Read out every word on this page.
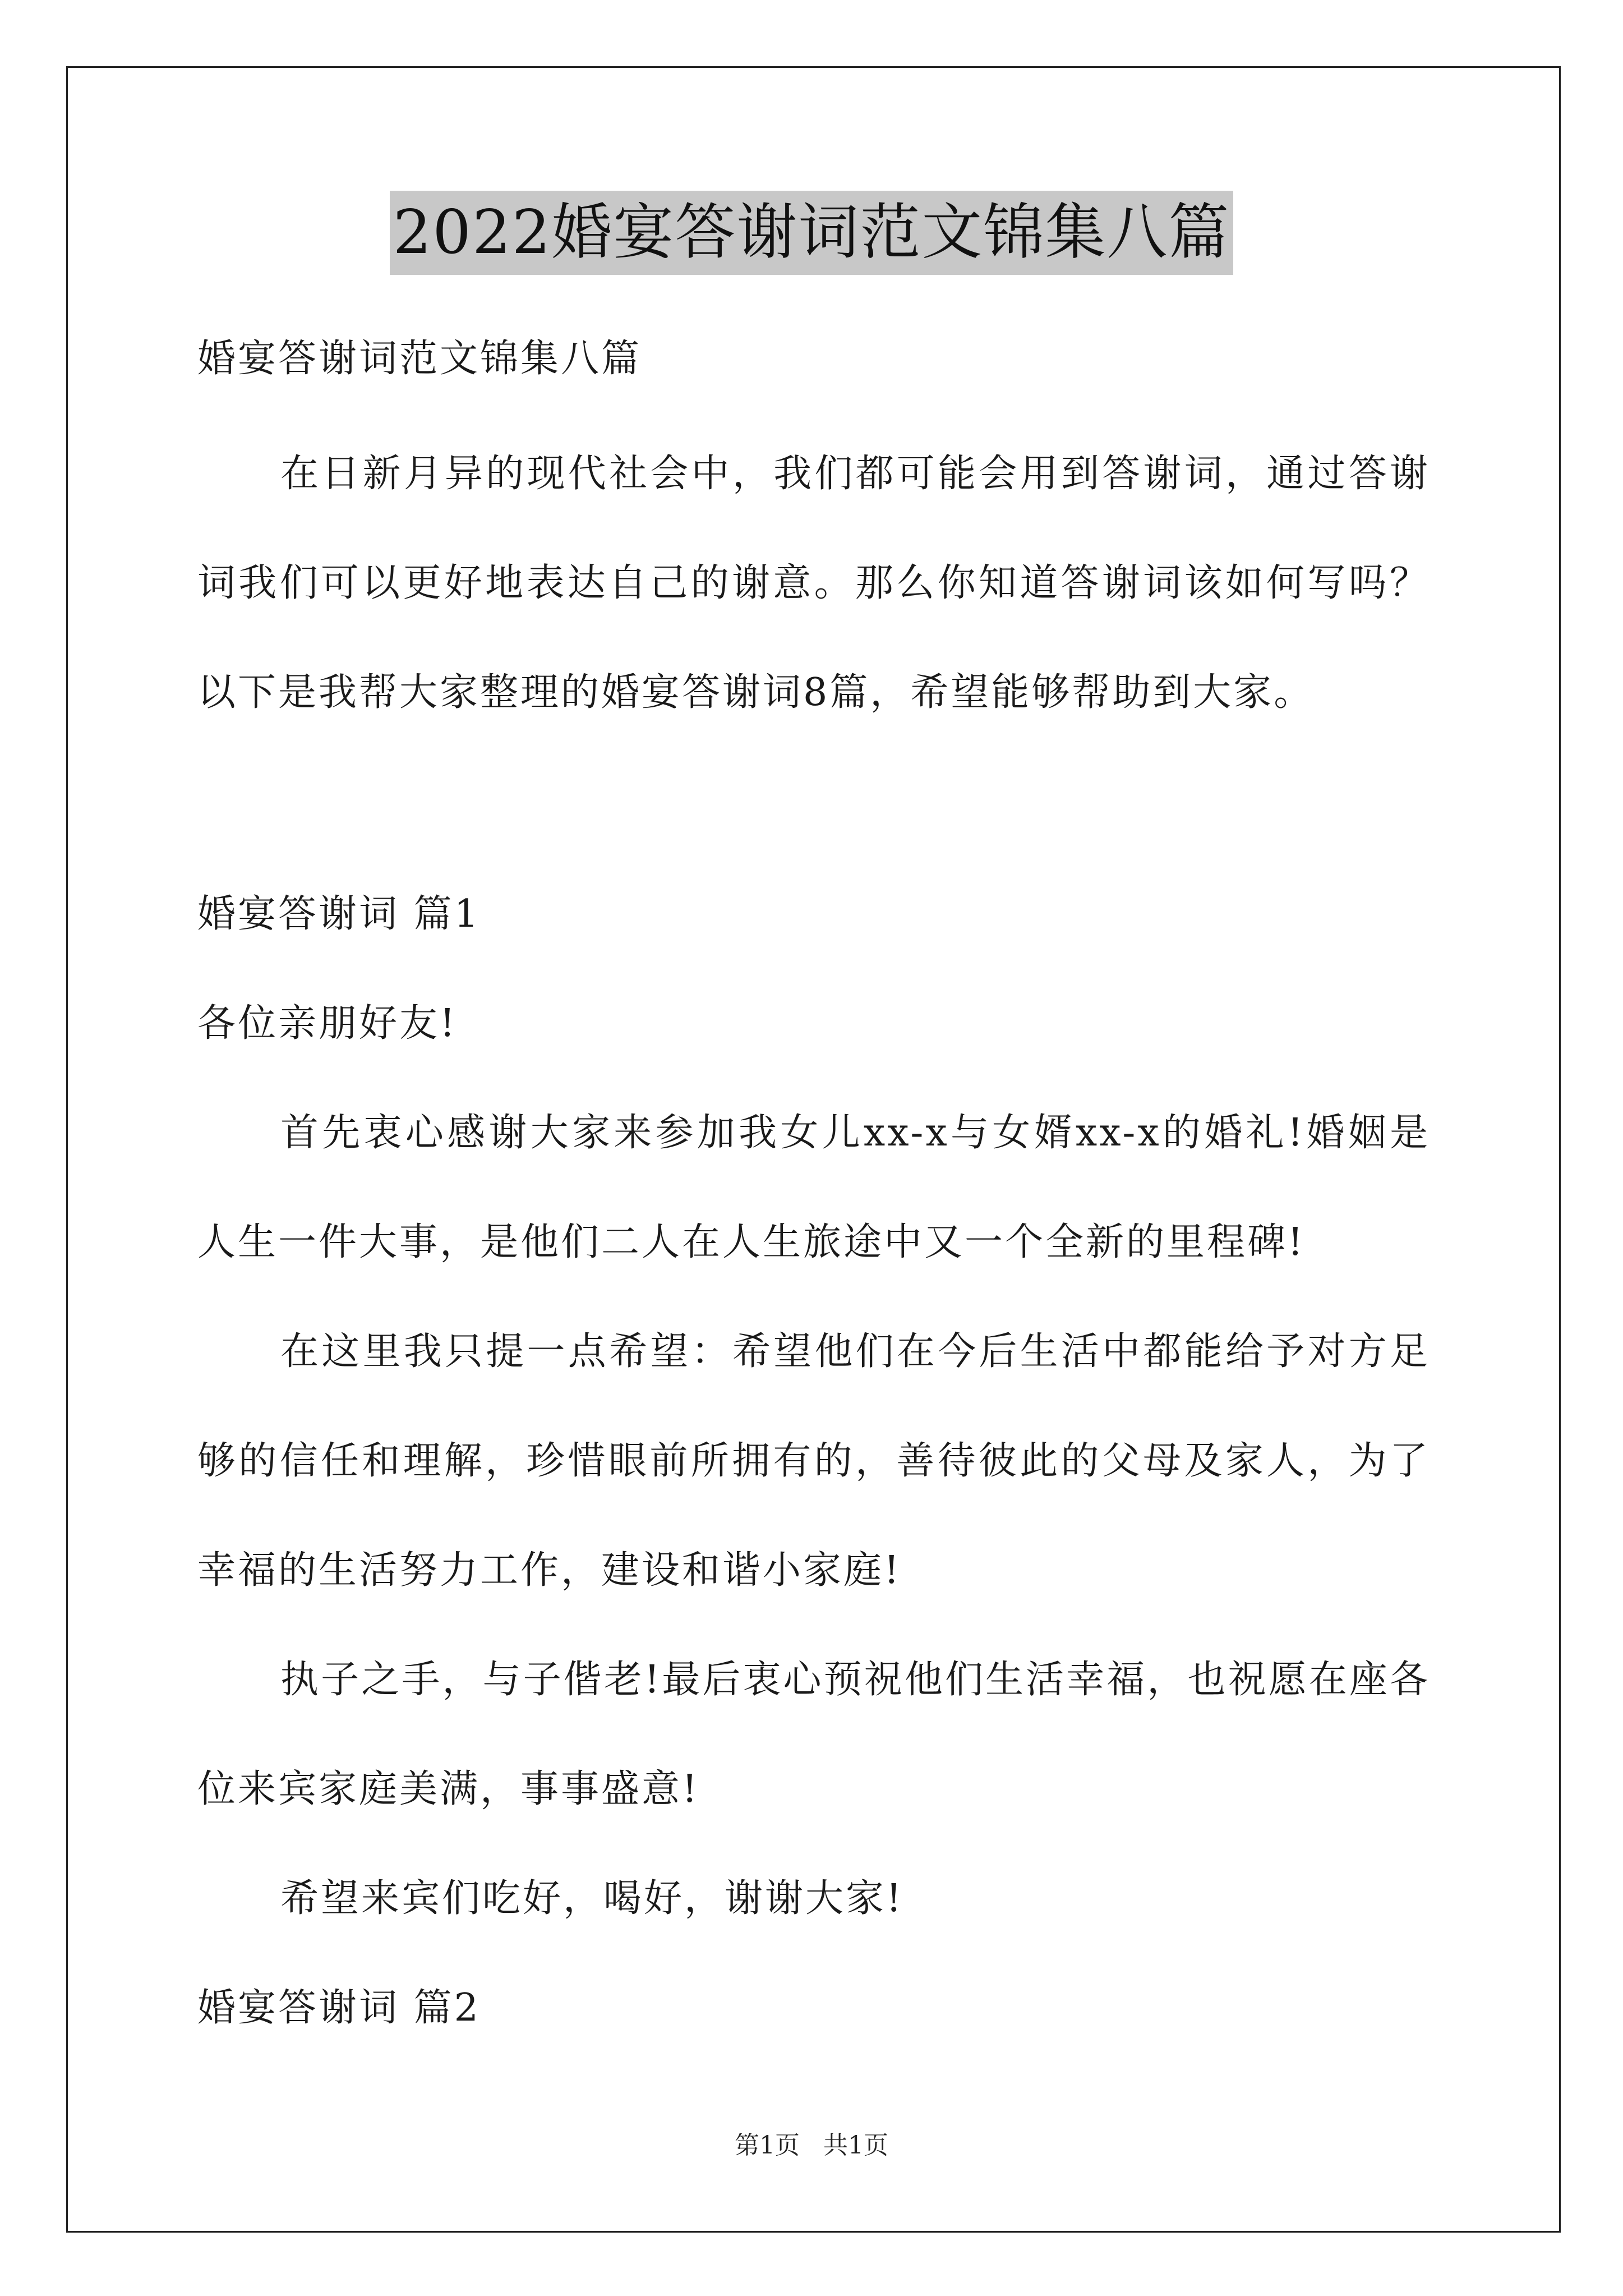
2022婚宴答谢词范文锦集八篇
婚宴答谢词范文锦集八篇
在日新月异的现代社会中，我们都可能会用到答谢词，通过答谢
词我们可以更好地表达自己的谢意。那么你知道答谢词该如何写吗？
以下是我帮大家整理的婚宴答谢词8篇，希望能够帮助到大家。
婚宴答谢词 篇1
各位亲朋好友!
首先衷心感谢大家来参加我女儿xx-x与女婿xx-x的婚礼!婚姻是
人生一件大事，是他们二人在人生旅途中又一个全新的里程碑!
在这里我只提一点希望：希望他们在今后生活中都能给予对方足
够的信任和理解，珍惜眼前所拥有的，善待彼此的父母及家人，为了
幸福的生活努力工作，建设和谐小家庭!
执子之手，与子偕老!最后衷心预祝他们生活幸福，也祝愿在座各
位来宾家庭美满，事事盛意!
希望来宾们吃好，喝好，谢谢大家!
婚宴答谢词 篇2
第1页 共1页
